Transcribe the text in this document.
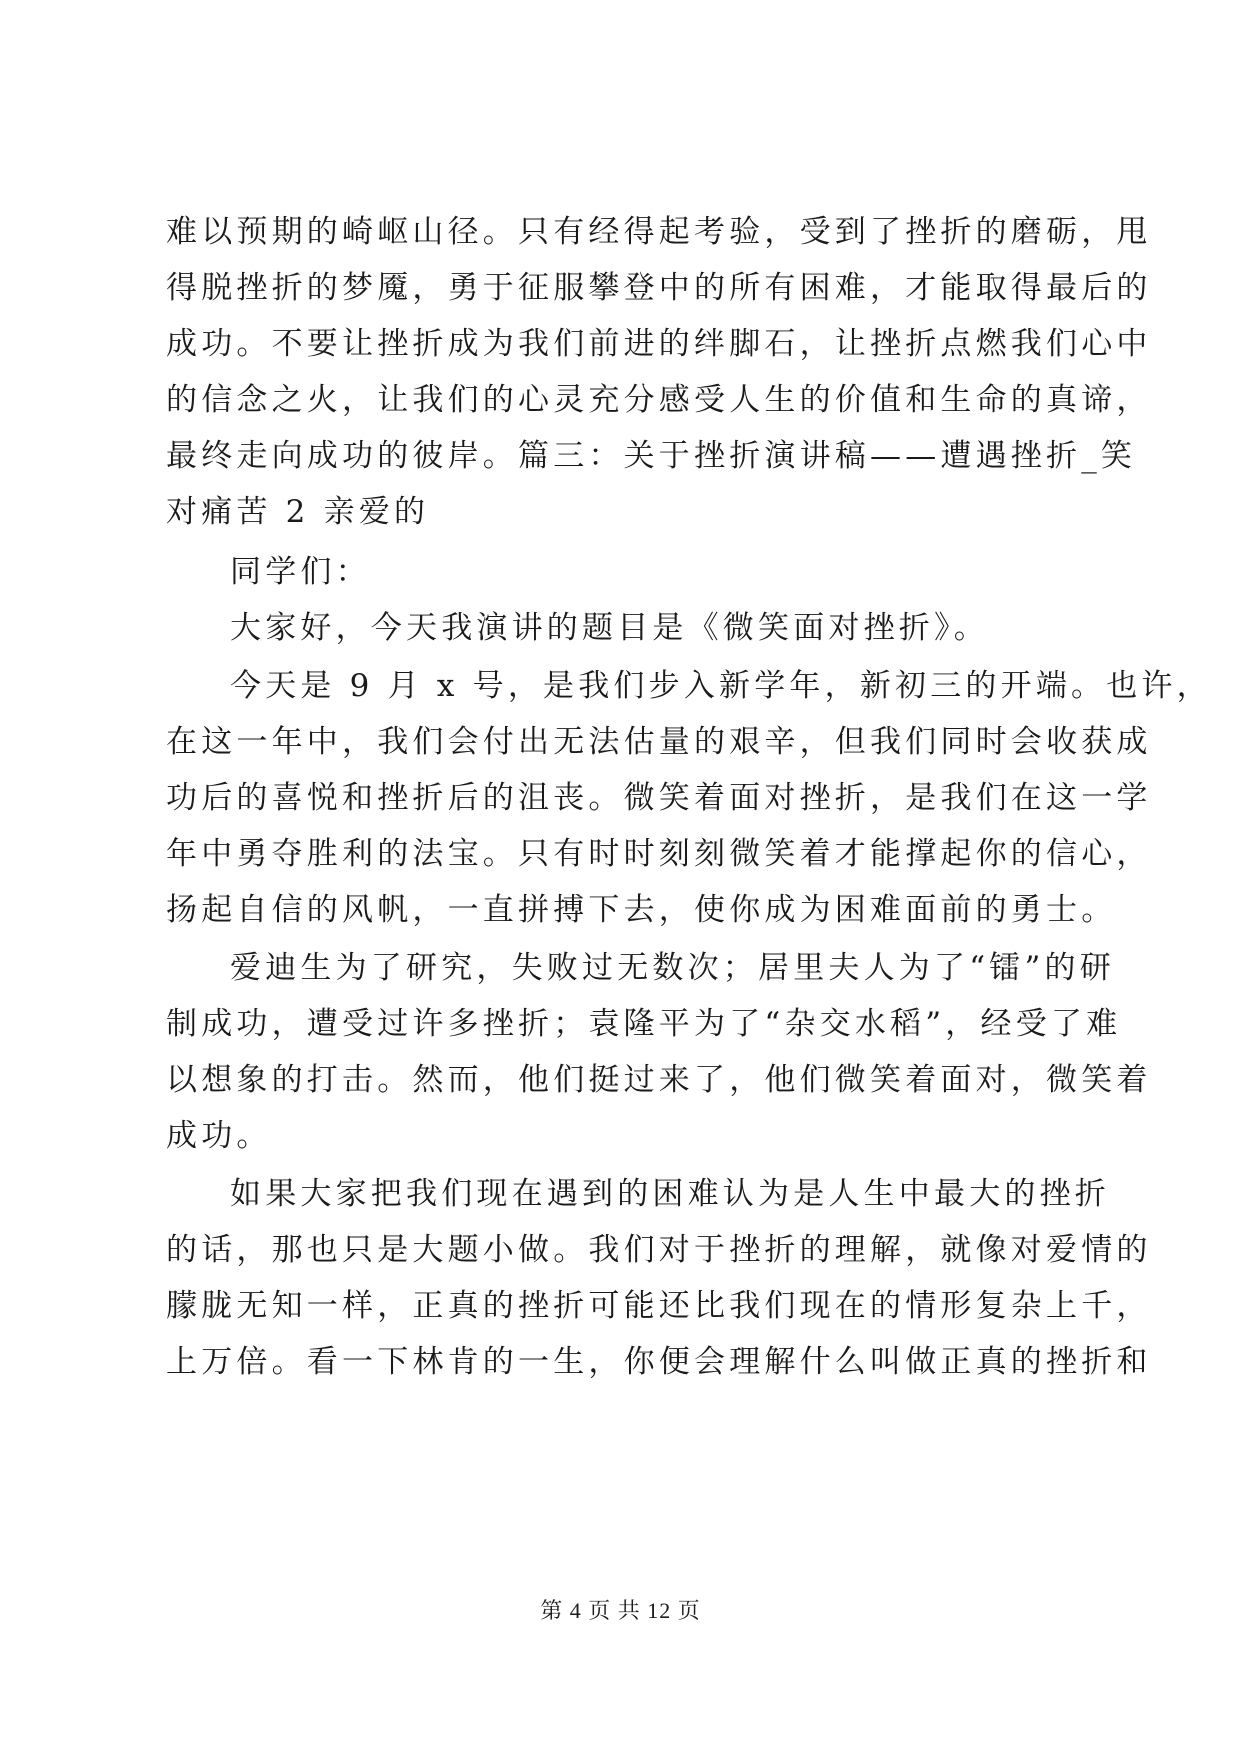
难以预期的崎岖山径。只有经得起考验，受到了挫折的磨砺，甩
得脱挫折的梦魇，勇于征服攀登中的所有困难，才能取得最后的
成功。不要让挫折成为我们前进的绊脚石，让挫折点燃我们心中
的信念之火，让我们的心灵充分感受人生的价值和生命的真谛，
最终走向成功的彼岸。篇三：关于挫折演讲稿——遭遇挫折_笑
对痛苦 2 亲爱的
同学们：
大家好，今天我演讲的题目是《微笑面对挫折》。
今天是 9 月 x 号，是我们步入新学年，新初三的开端。也许，
在这一年中，我们会付出无法估量的艰辛，但我们同时会收获成
功后的喜悦和挫折后的沮丧。微笑着面对挫折，是我们在这一学
年中勇夺胜利的法宝。只有时时刻刻微笑着才能撑起你的信心，
扬起自信的风帆，一直拼搏下去，使你成为困难面前的勇士。
爱迪生为了研究，失败过无数次；居里夫人为了“镭”的研
制成功，遭受过许多挫折；袁隆平为了“杂交水稻”，经受了难
以想象的打击。然而，他们挺过来了，他们微笑着面对，微笑着
成功。
如果大家把我们现在遇到的困难认为是人生中最大的挫折
的话，那也只是大题小做。我们对于挫折的理解，就像对爱情的
朦胧无知一样，正真的挫折可能还比我们现在的情形复杂上千，
上万倍。看一下林肯的一生，你便会理解什么叫做正真的挫折和
第 4 页 共 12 页
